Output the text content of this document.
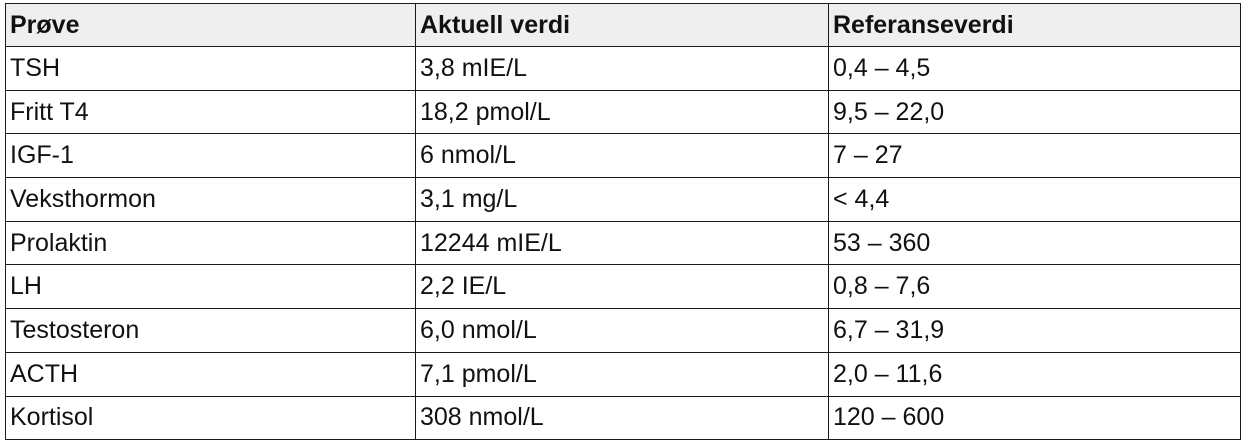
Prøve	Aktuell verdi	Referanseverdi
TSH	3,8 mIE/L	0,4 – 4,5
Fritt T4	18,2 pmol/L	9,5 – 22,0
IGF-1	6 nmol/L	7 – 27
Veksthormon	3,1 mg/L	< 4,4
Prolaktin	12244 mIE/L	53 – 360
LH	2,2 IE/L	0,8 – 7,6
Testosteron	6,0 nmol/L	6,7 – 31,9
ACTH	7,1 pmol/L	2,0 – 11,6
Kortisol	308 nmol/L	120 – 600
